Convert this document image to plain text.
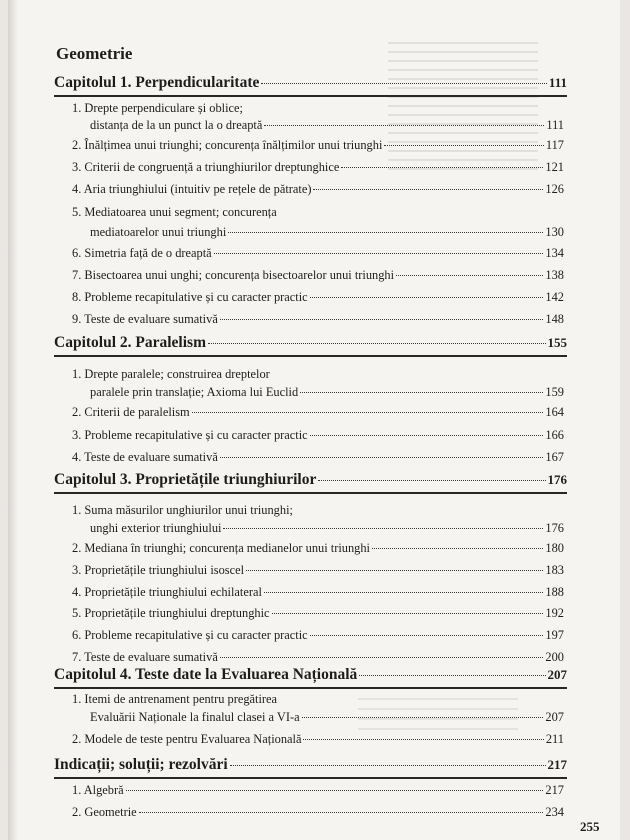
Geometrie
Capitolul 1. Perpendicularitate	111
1. Drepte perpendiculare și oblice;
distanța de la un punct la o dreaptă	111
2. Înălțimea unui triunghi; concurența înălțimilor unui triunghi	117
3. Criterii de congruență a triunghiurilor dreptunghice	121
4. Aria triunghiului (intuitiv pe rețele de pătrate)	126
5. Mediatoarea unui segment; concurența
mediatoarelor unui triunghi	130
6. Simetria față de o dreaptă	134
7. Bisectoarea unui unghi; concurența bisectoarelor unui triunghi	138
8. Probleme recapitulative și cu caracter practic	142
9. Teste de evaluare sumativă	148
Capitolul 2. Paralelism	155
1. Drepte paralele; construirea dreptelor
paralele prin translație; Axioma lui Euclid	159
2. Criterii de paralelism	164
3. Probleme recapitulative și cu caracter practic	166
4. Teste de evaluare sumativă	167
Capitolul 3. Proprietățile triunghiurilor	176
1. Suma măsurilor unghiurilor unui triunghi;
unghi exterior triunghiului	176
2. Mediana în triunghi; concurența medianelor unui triunghi	180
3. Proprietățile triunghiului isoscel	183
4. Proprietățile triunghiului echilateral	188
5. Proprietățile triunghiului dreptunghic	192
6. Probleme recapitulative și cu caracter practic	197
7. Teste de evaluare sumativă	200
Capitolul 4. Teste date la Evaluarea Națională	207
1. Itemi de antrenament pentru pregătirea
Evaluării Naționale la finalul clasei a VI-a	207
2. Modele de teste pentru Evaluarea Națională	211
Indicații; soluții; rezolvări	217
1. Algebră	217
2. Geometrie	234
255
